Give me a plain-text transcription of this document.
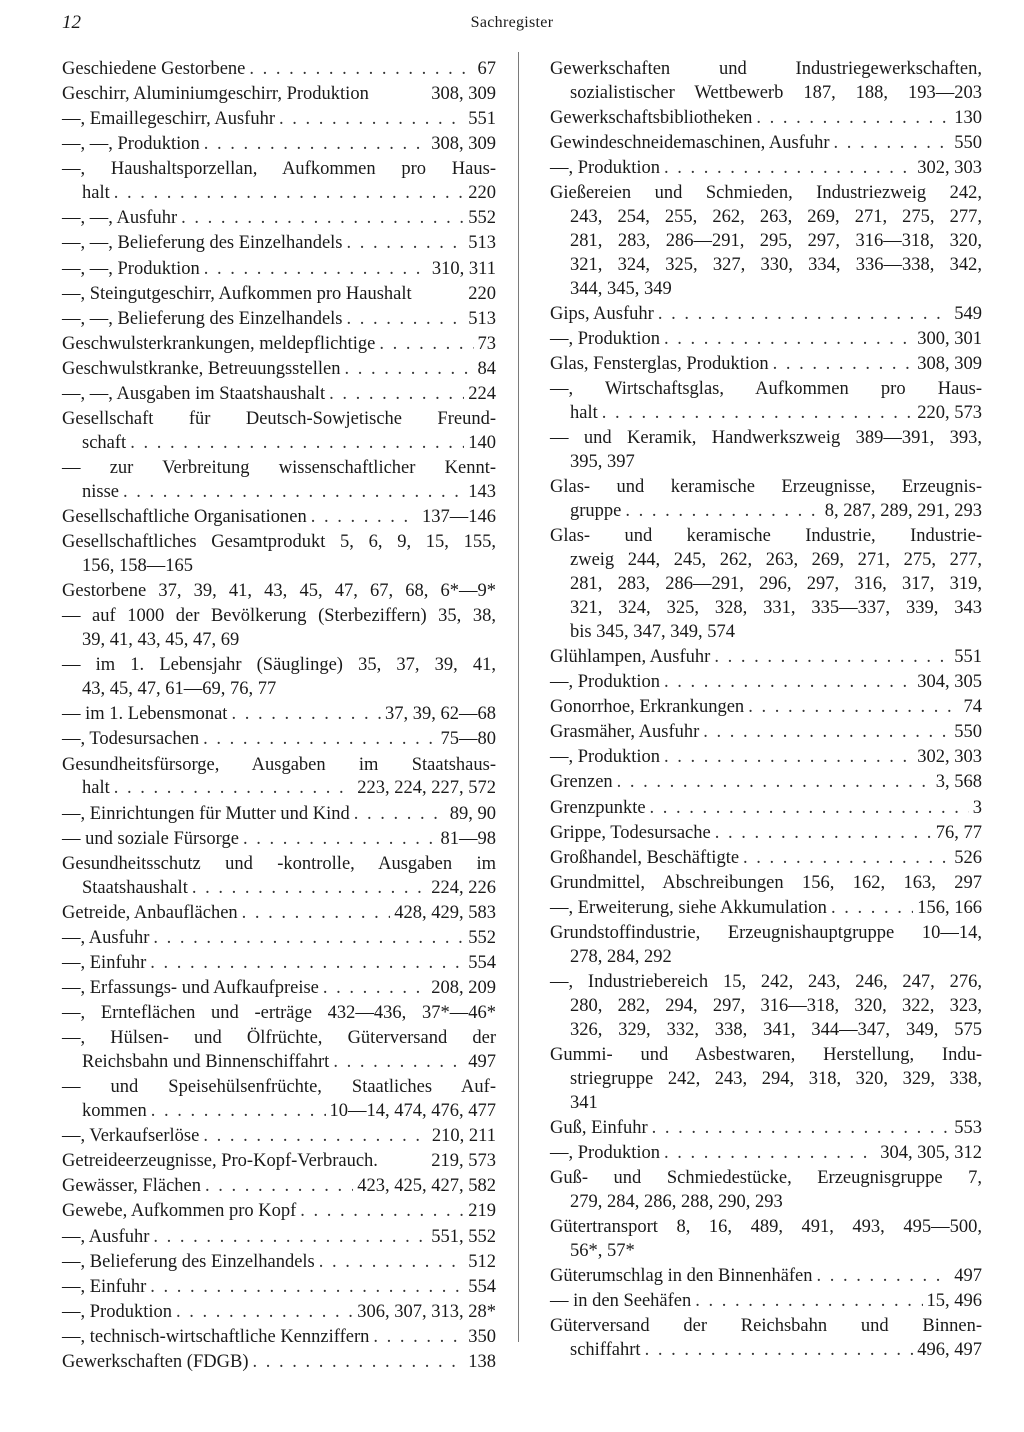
12	Sachregister
Geschiedene Gestorbene . . .	67
Geschirr, Aluminiumgeschirr, Produktion	308, 309
—, Emaillegeschirr, Ausfuhr . . .	551
—, —, Produktion . . .	308, 309
—, Haushaltsporzellan, Aufkommen pro Haus-
halt . . .	220
—, —, Ausfuhr . . .	552
—, —, Belieferung des Einzelhandels . . .	513
—, —, Produktion . . .	310, 311
—, Steingutgeschirr, Aufkommen pro Haushalt	220
—, —, Belieferung des Einzelhandels . . .	513
Geschwulsterkrankungen, meldepflichtige . . .	73
Geschwulstkranke, Betreuungsstellen . . .	84
—, —, Ausgaben im Staatshaushalt . . .	224
Gesellschaft für Deutsch-Sowjetische Freund-
schaft . . .	140
— zur Verbreitung wissenschaftlicher Kennt-
nisse . . .	143
Gesellschaftliche Organisationen . . .	137—146
Gesellschaftliches Gesamtprodukt 5, 6, 9, 15, 155,
156, 158—165
Gestorbene 37, 39, 41, 43, 45, 47, 67, 68, 6*—9*
— auf 1000 der Bevölkerung (Sterbeziffern) 35, 38,
39, 41, 43, 45, 47, 69
— im 1. Lebensjahr (Säuglinge) 35, 37, 39, 41,
43, 45, 47, 61—69, 76, 77
— im 1. Lebensmonat . . .	37, 39, 62—68
—, Todesursachen . . .	75—80
Gesundheitsfürsorge, Ausgaben im Staatshaus-
halt . . .	223, 224, 227, 572
—, Einrichtungen für Mutter und Kind . . .	89, 90
— und soziale Fürsorge . . .	81—98
Gesundheitsschutz und -kontrolle, Ausgaben im
Staatshaushalt . . .	224, 226
Getreide, Anbauflächen . . .	428, 429, 583
—, Ausfuhr . . .	552
—, Einfuhr . . .	554
—, Erfassungs- und Aufkaufpreise . . .	208, 209
—, Ernteflächen und -erträge 432—436, 37*—46*
—, Hülsen- und Ölfrüchte, Güterversand der
Reichsbahn und Binnenschiffahrt . . .	497
— und Speisehülsenfrüchte, Staatliches Auf-
kommen . . .	10—14, 474, 476, 477
—, Verkaufserlöse . . .	210, 211
Getreideerzeugnisse, Pro-Kopf-Verbrauch.	219, 573
Gewässer, Flächen . . .	423, 425, 427, 582
Gewebe, Aufkommen pro Kopf . . .	219
—, Ausfuhr . . .	551, 552
—, Belieferung des Einzelhandels . . .	512
—, Einfuhr . . .	554
—, Produktion . . .	306, 307, 313, 28*
—, technisch-wirtschaftliche Kennziffern . . .	350
Gewerkschaften (FDGB) . . .	138
Gewerkschaften und Industriegewerkschaften,
sozialistischer Wettbewerb 187, 188, 193—203
Gewerkschaftsbibliotheken . . .	130
Gewindeschneidemaschinen, Ausfuhr . . .	550
—, Produktion . . .	302, 303
Gießereien und Schmieden, Industriezweig 242,
243, 254, 255, 262, 263, 269, 271, 275, 277,
281, 283, 286—291, 295, 297, 316—318, 320,
321, 324, 325, 327, 330, 334, 336—338, 342,
344, 345, 349
Gips, Ausfuhr . . .	549
—, Produktion . . .	300, 301
Glas, Fensterglas, Produktion . . .	308, 309
—, Wirtschaftsglas, Aufkommen pro Haus-
halt . . .	220, 573
— und Keramik, Handwerkszweig 389—391, 393,
395, 397
Glas- und keramische Erzeugnisse, Erzeugnis-
gruppe . . .	8, 287, 289, 291, 293
Glas- und keramische Industrie, Industrie-
zweig 244, 245, 262, 263, 269, 271, 275, 277,
281, 283, 286—291, 296, 297, 316, 317, 319,
321, 324, 325, 328, 331, 335—337, 339, 343
bis 345, 347, 349, 574
Glühlampen, Ausfuhr . . .	551
—, Produktion . . .	304, 305
Gonorrhoe, Erkrankungen . . .	74
Grasmäher, Ausfuhr . . .	550
—, Produktion . . .	302, 303
Grenzen . . .	3, 568
Grenzpunkte . . .	3
Grippe, Todesursache . . .	76, 77
Großhandel, Beschäftigte . . .	526
Grundmittel, Abschreibungen 156, 162, 163, 297
—, Erweiterung, siehe Akkumulation . . .	156, 166
Grundstoffindustrie, Erzeugnishauptgruppe 10—14,
278, 284, 292
—, Industriebereich 15, 242, 243, 246, 247, 276,
280, 282, 294, 297, 316—318, 320, 322, 323,
326, 329, 332, 338, 341, 344—347, 349, 575
Gummi- und Asbestwaren, Herstellung, Indu-
striegruppe 242, 243, 294, 318, 320, 329, 338,
341
Guß, Einfuhr . . .	553
—, Produktion . . .	304, 305, 312
Guß- und Schmiedestücke, Erzeugnisgruppe 7,
279, 284, 286, 288, 290, 293
Gütertransport 8, 16, 489, 491, 493, 495—500,
56*, 57*
Güterumschlag in den Binnenhäfen . . .	497
— in den Seehäfen . . .	15, 496
Güterversand der Reichsbahn und Binnen-
schiffahrt . . .	496, 497
